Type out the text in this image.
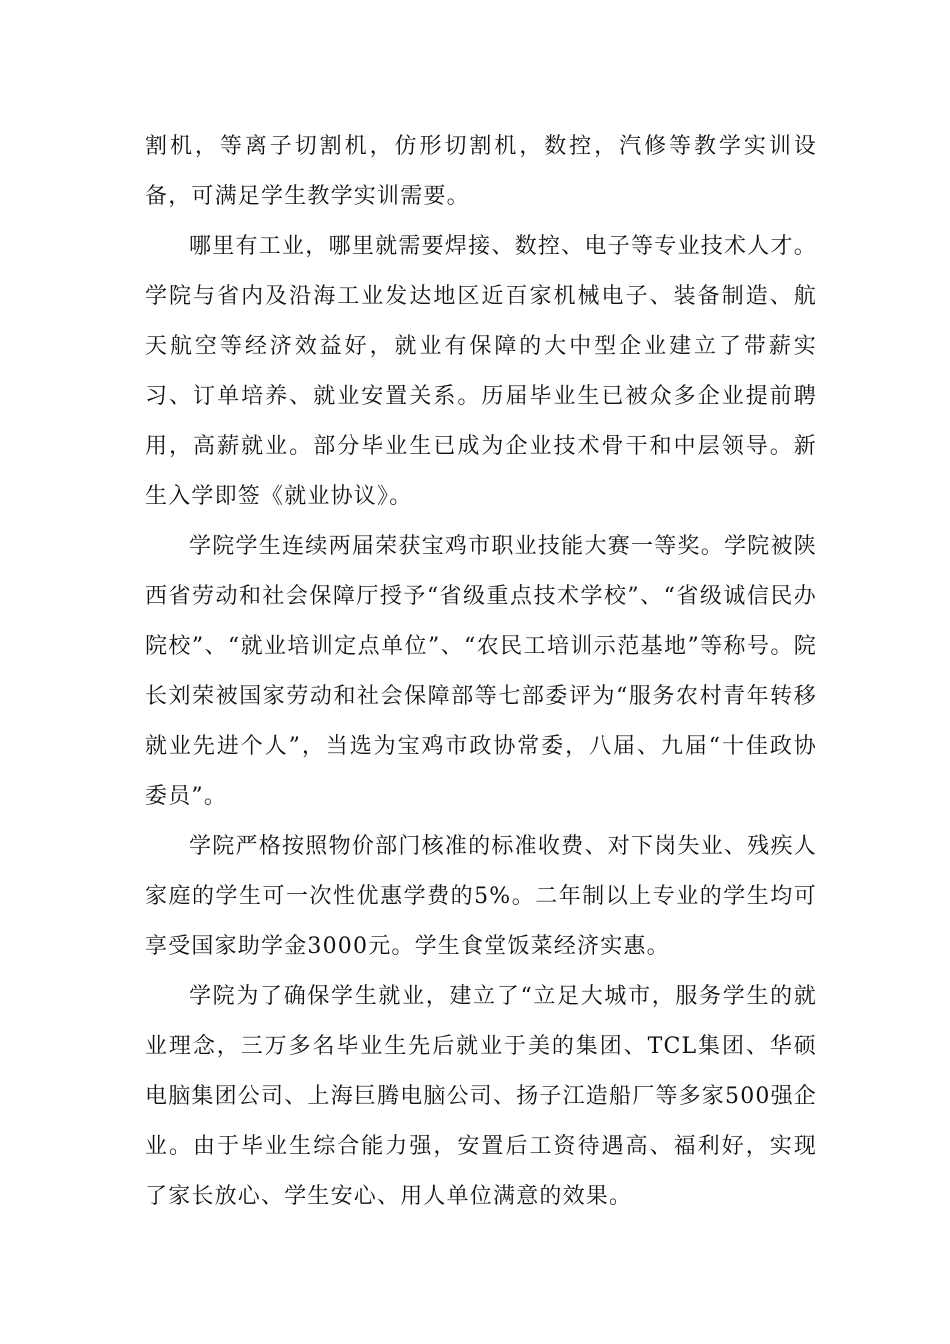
割机，等离子切割机，仿形切割机，数控，汽修等教学实训设备，可满足学生教学实训需要。

哪里有工业，哪里就需要焊接、数控、电子等专业技术人才。学院与省内及沿海工业发达地区近百家机械电子、装备制造、航天航空等经济效益好，就业有保障的大中型企业建立了带薪实习、订单培养、就业安置关系。历届毕业生已被众多企业提前聘用，高薪就业。部分毕业生已成为企业技术骨干和中层领导。新生入学即签《就业协议》。

学院学生连续两届荣获宝鸡市职业技能大赛一等奖。学院被陕西省劳动和社会保障厅授予“省级重点技术学校”、“省级诚信民办院校”、“就业培训定点单位”、“农民工培训示范基地”等称号。院长刘荣被国家劳动和社会保障部等七部委评为“服务农村青年转移就业先进个人”，当选为宝鸡市政协常委，八届、九届“十佳政协委员”。

学院严格按照物价部门核准的标准收费、对下岗失业、残疾人家庭的学生可一次性优惠学费的5%。二年制以上专业的学生均可享受国家助学金3000元。学生食堂饭菜经济实惠。

学院为了确保学生就业，建立了“立足大城市，服务学生的就业理念，三万多名毕业生先后就业于美的集团、TCL集团、华硕电脑集团公司、上海巨腾电脑公司、扬子江造船厂等多家500强企业。由于毕业生综合能力强，安置后工资待遇高、福利好，实现了家长放心、学生安心、用人单位满意的效果。
